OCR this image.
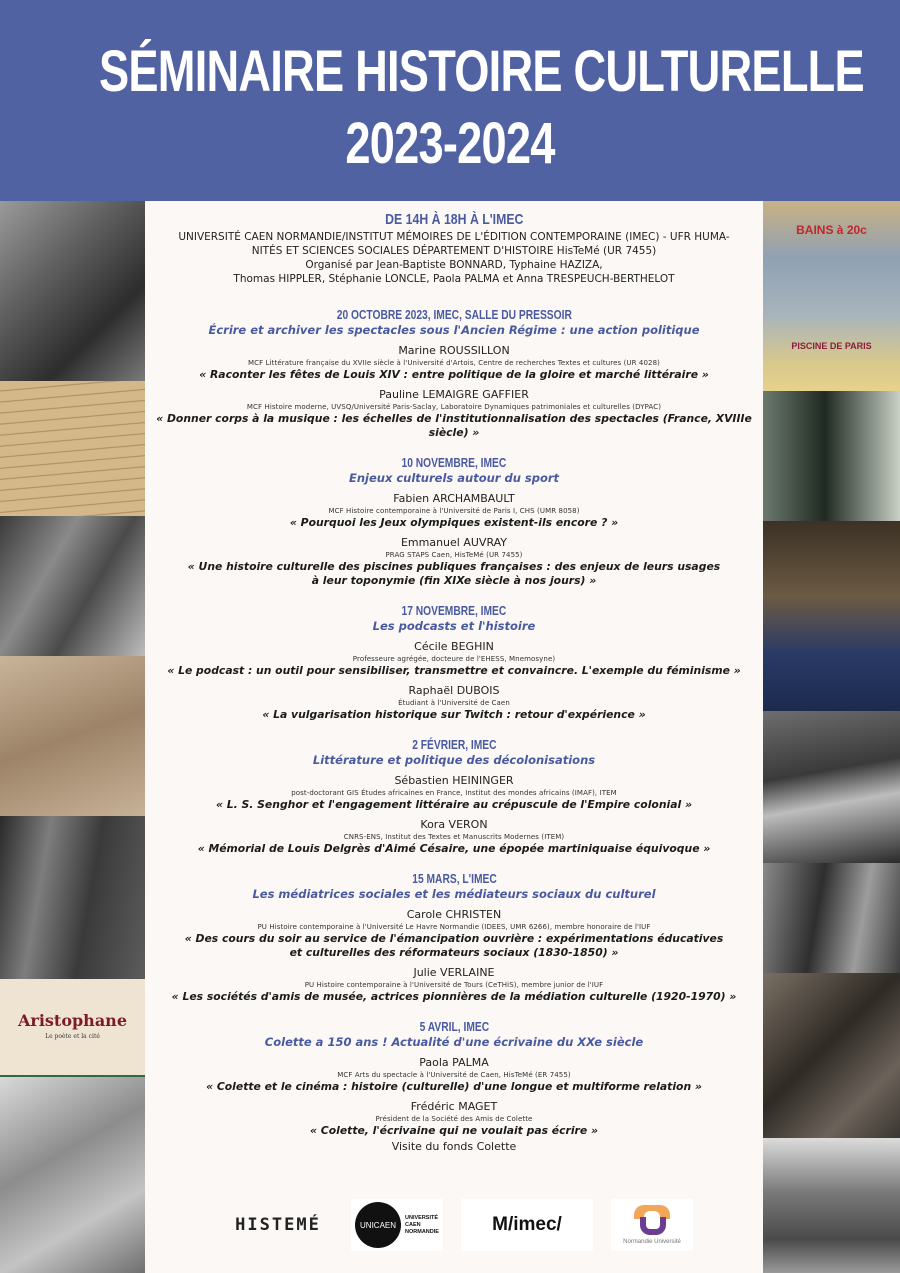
SÉMINAIRE HISTOIRE CULTURELLE
2023-2024
Aristophane
Le poète et la cité
BAINS à 20c
PISCINE DE PARIS
DE 14H À 18H À L'IMEC
UNIVERSITÉ CAEN NORMANDIE/INSTITUT MÉMOIRES DE L'ÉDITION CONTEMPORAINE (IMEC) - UFR HUMA-
NITÉS ET SCIENCES SOCIALES DÉPARTEMENT D'HISTOIRE HisTeMé (UR 7455)
Organisé par Jean-Baptiste BONNARD, Typhaine HAZIZA,
Thomas HIPPLER, Stéphanie LONCLE, Paola PALMA et Anna TRESPEUCH-BERTHELOT
20 OCTOBRE 2023, IMEC, SALLE DU PRESSOIR
Écrire et archiver les spectacles sous l'Ancien Régime : une action politique
Marine ROUSSILLON
MCF Littérature française du XVIIe siècle à l'Université d'Artois, Centre de recherches Textes et cultures (UR 4028)
« Raconter les fêtes de Louis XIV : entre politique de la gloire et marché littéraire »
Pauline LEMAIGRE GAFFIER
MCF Histoire moderne, UVSQ/Université Paris-Saclay, Laboratoire Dynamiques patrimoniales et culturelles (DYPAC)
« Donner corps à la musique : les échelles de l'institutionnalisation des spectacles (France, XVIIIe siècle) »
10 NOVEMBRE, IMEC
Enjeux culturels autour du sport
Fabien ARCHAMBAULT
MCF Histoire contemporaine à l'Université de Paris I, CHS (UMR 8058)
« Pourquoi les Jeux olympiques existent-ils encore ? »
Emmanuel AUVRAY
PRAG STAPS Caen, HisTeMé (UR 7455)
« Une histoire culturelle des piscines publiques françaises : des enjeux de leurs usages
à leur toponymie (fin XIXe siècle à nos jours) »
17 NOVEMBRE, IMEC
Les podcasts et l'histoire
Cécile BEGHIN
Professeure agrégée, docteure de l'EHESS, Mnemosyne)
« Le podcast : un outil pour sensibiliser, transmettre et convaincre. L'exemple du féminisme »
Raphaël DUBOIS
Étudiant à l'Université de Caen
« La vulgarisation historique sur Twitch : retour d'expérience »
2 FÉVRIER, IMEC
Littérature et politique des décolonisations
Sébastien HEININGER
post-doctorant GIS Études africaines en France, Institut des mondes africains (IMAF), ITEM
« L. S. Senghor et l'engagement littéraire au crépuscule de l'Empire colonial »
Kora VERON
CNRS-ENS, Institut des Textes et Manuscrits Modernes (ITEM)
« Mémorial de Louis Delgrès d'Aimé Césaire, une épopée martiniquaise équivoque »
15 MARS, L'IMEC
Les médiatrices sociales et les médiateurs sociaux du culturel
Carole CHRISTEN
PU Histoire contemporaine à l'Université Le Havre Normandie (IDEES, UMR 6266), membre honoraire de l'IUF
« Des cours du soir au service de l'émancipation ouvrière : expérimentations éducatives
et culturelles des réformateurs sociaux (1830-1850) »
Julie VERLAINE
PU Histoire contemporaine à l'Université de Tours (CeTHiS), membre junior de l'IUF
« Les sociétés d'amis de musée, actrices pionnières de la médiation culturelle (1920-1970) »
5 AVRIL, IMEC
Colette a 150 ans ! Actualité d'une écrivaine du XXe siècle
Paola PALMA
MCF Arts du spectacle à l'Université de Caen, HisTeMé (ER 7455)
« Colette et le cinéma : histoire (culturelle) d'une longue et multiforme relation »
Frédéric MAGET
Président de la Société des Amis de Colette
« Colette, l'écrivaine qui ne voulait pas écrire »
Visite du fonds Colette
HISTEMÉ	UNICAEN
UNIVERSITÉ
CAEN
NORMANDIE	M/imec/
Normandie Université
